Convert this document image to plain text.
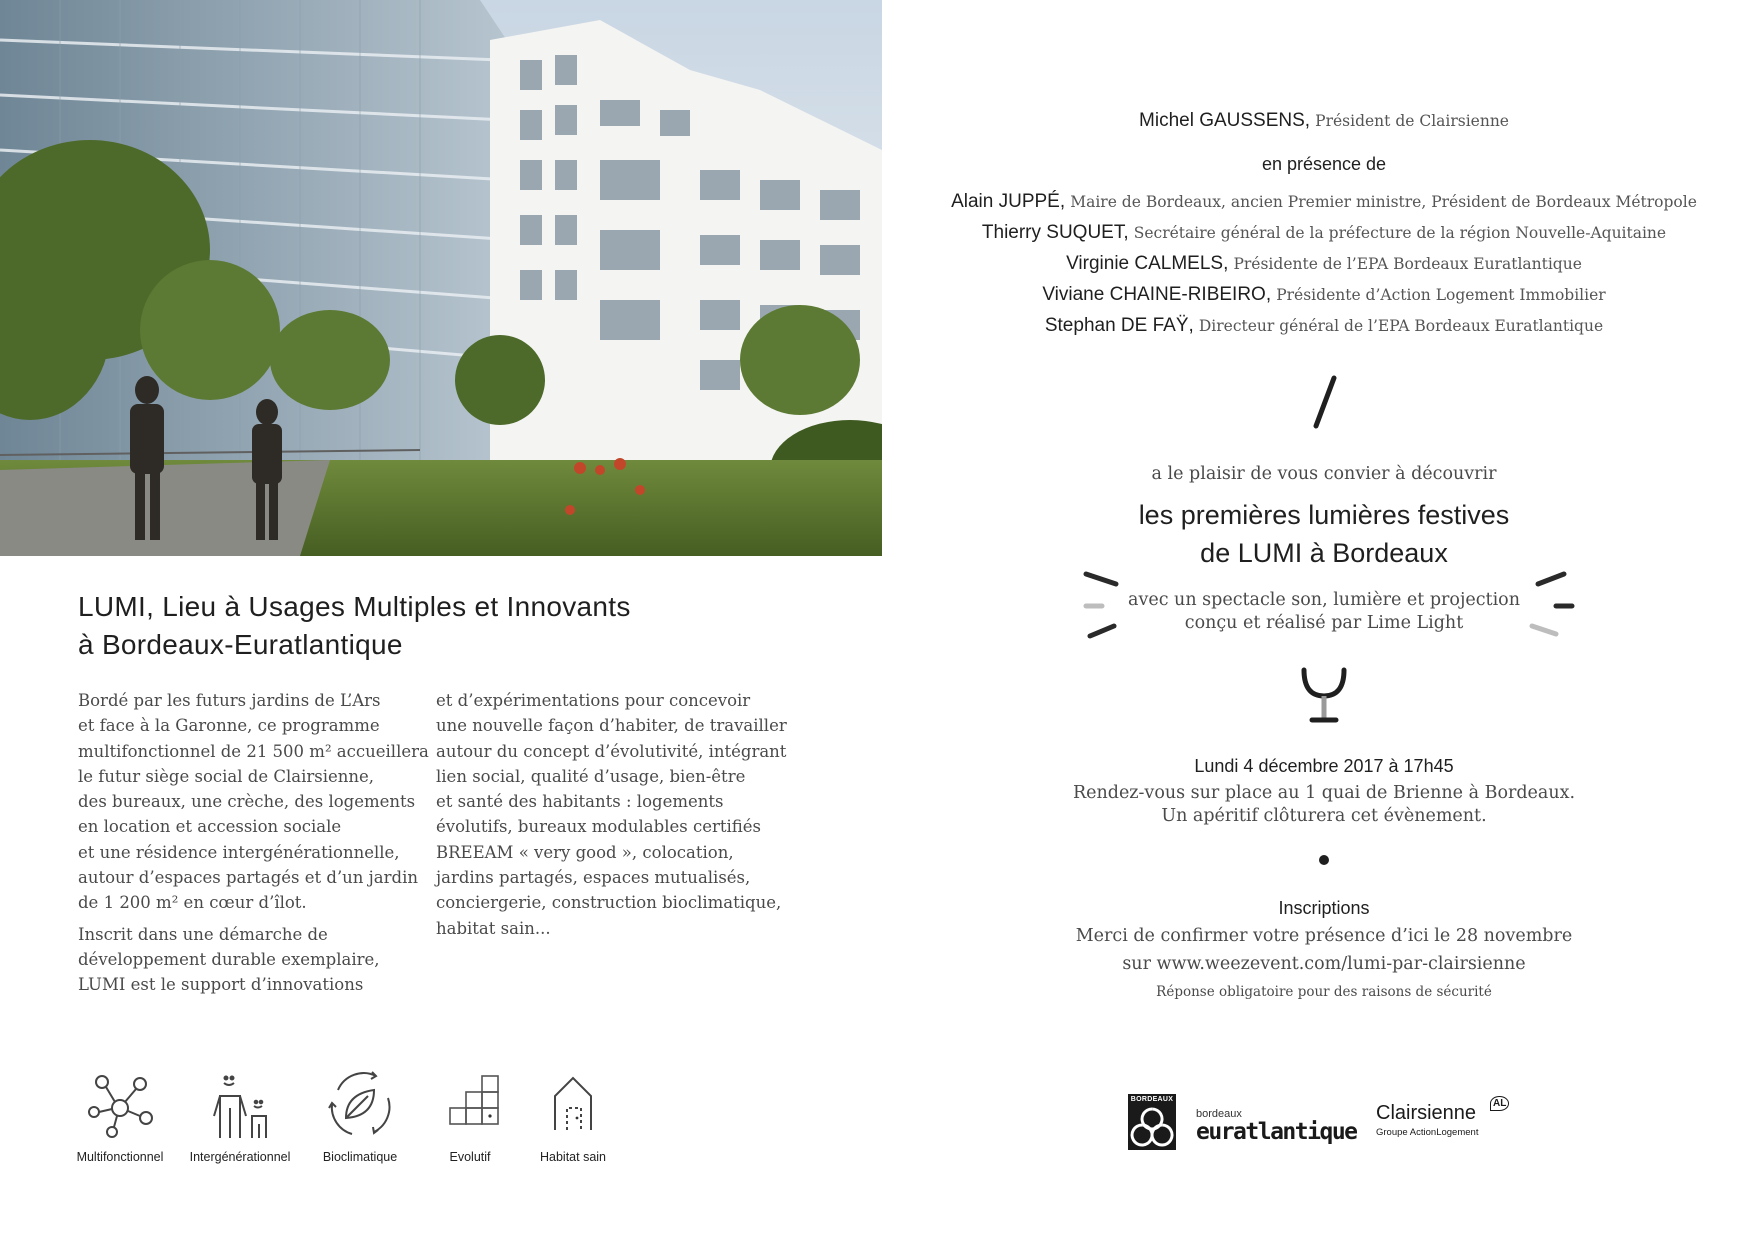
LUMI, Lieu à Usages Multiples et Innovants
à Bordeaux-Euratlantique
Bordé par les futurs jardins de L’Ars
et face à la Garonne, ce programme
multifonctionnel de 21 500 m² accueillera
le futur siège social de Clairsienne,
des bureaux, une crèche, des logements
en location et accession sociale
et une résidence intergénérationnelle,
autour d’espaces partagés et d’un jardin
de 1 200 m² en cœur d’îlot.
Inscrit dans une démarche de
développement durable exemplaire,
LUMI est le support d’innovations
et d’expérimentations pour concevoir
une nouvelle façon d’habiter, de travailler
autour du concept d’évolutivité, intégrant
lien social, qualité d’usage, bien-être
et santé des habitants : logements
évolutifs, bureaux modulables certifiés
BREEAM « very good », colocation,
jardins partagés, espaces mutualisés,
conciergerie, construction bioclimatique,
habitat sain...
Multifonctionnel	Intergénérationnel	Bioclimatique	Evolutif	Habitat sain
Michel GAUSSENS, Président de Clairsienne
en présence de
Alain JUPPÉ, Maire de Bordeaux, ancien Premier ministre, Président de Bordeaux Métropole
Thierry SUQUET, Secrétaire général de la préfecture de la région Nouvelle-Aquitaine
Virginie CALMELS, Présidente de l’EPA Bordeaux Euratlantique
Viviane CHAINE-RIBEIRO, Présidente d’Action Logement Immobilier
Stephan DE FAŸ, Directeur général de l’EPA Bordeaux Euratlantique
a le plaisir de vous convier à découvrir
les premières lumières festives
de LUMI à Bordeaux
avec un spectacle son, lumière et projection
conçu et réalisé par Lime Light
Lundi 4 décembre 2017 à 17h45
Rendez-vous sur place au 1 quai de Brienne à Bordeaux.
Un apéritif clôturera cet évènement.
Inscriptions
Merci de confirmer votre présence d’ici le 28 novembre
sur www.weezevent.com/lumi-par-clairsienne
Réponse obligatoire pour des raisons de sécurité
BORDEAUX
bordeaux
euratlantique
Clairsienne	AL
Groupe ActionLogement
